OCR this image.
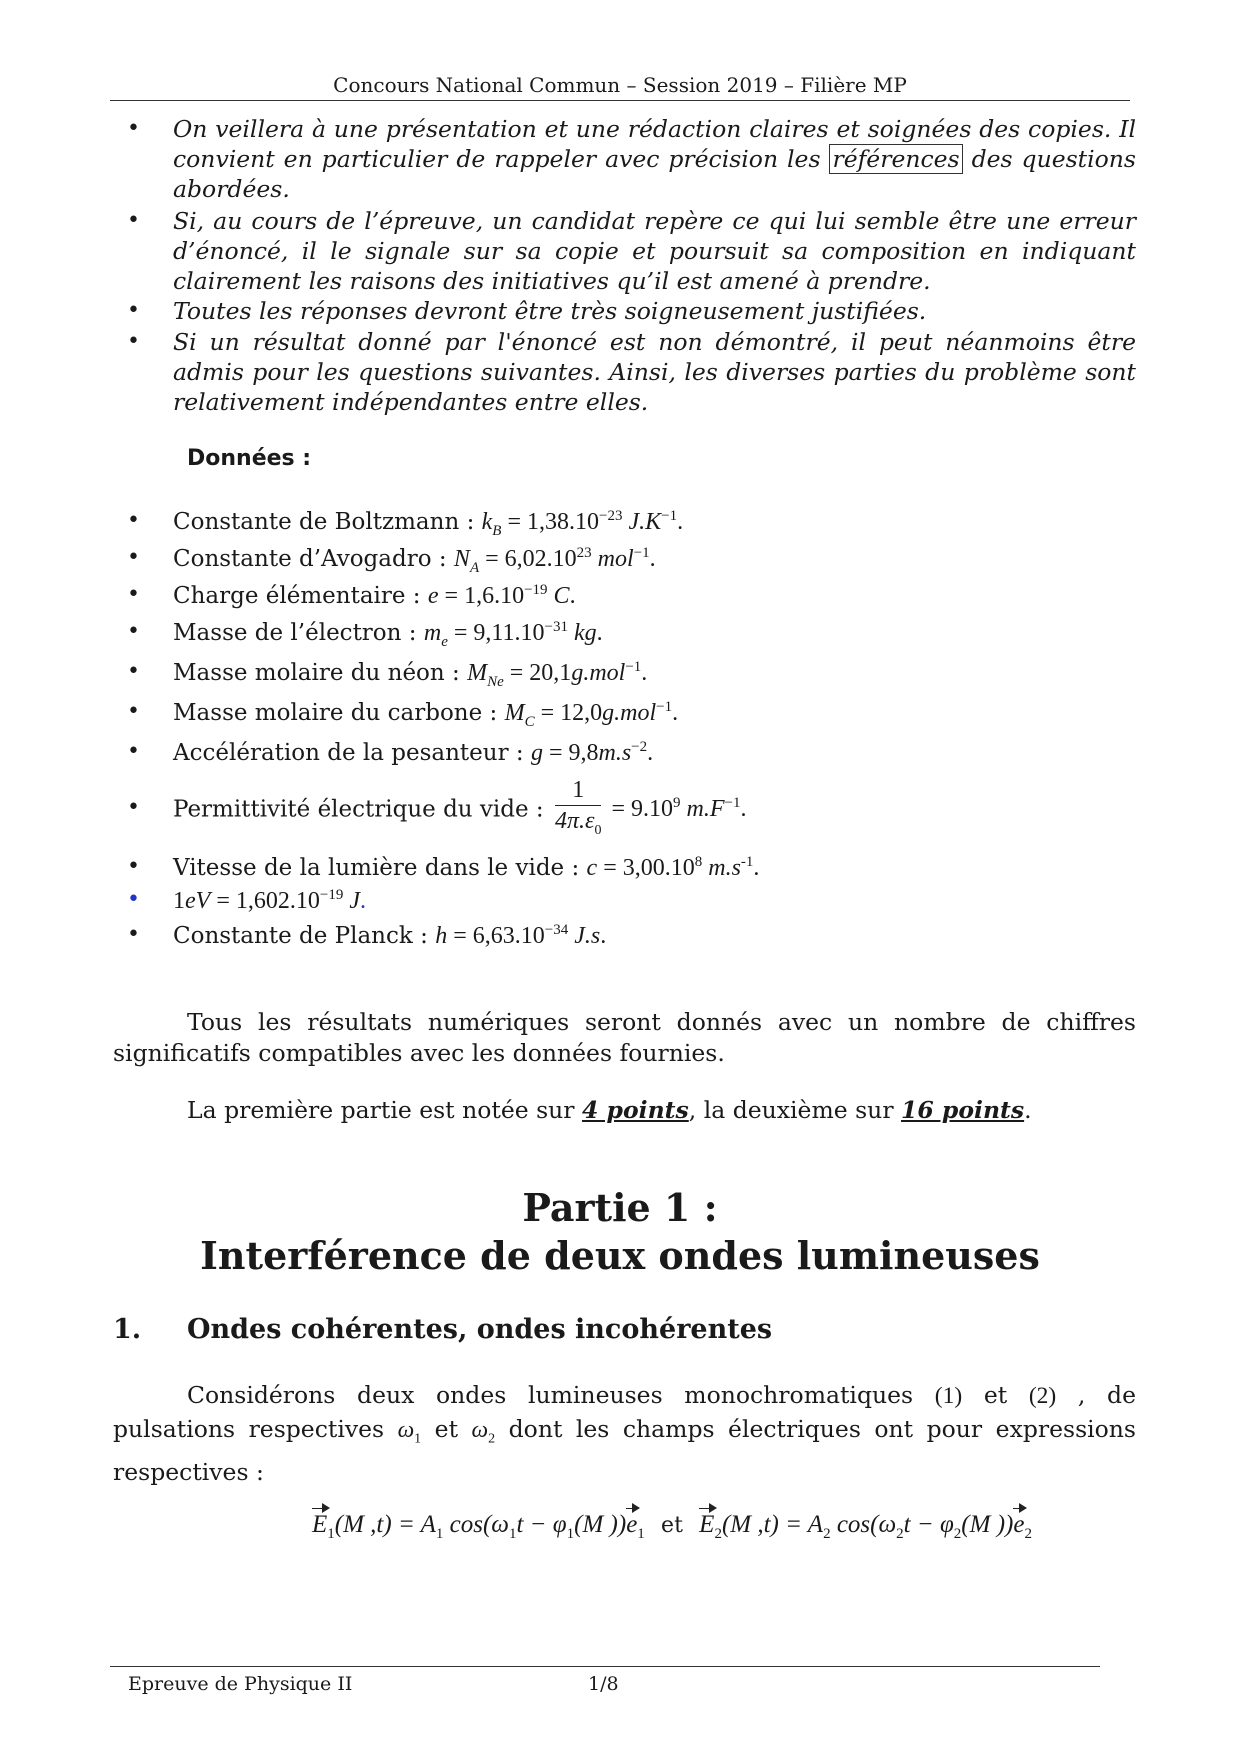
Concours National Commun – Session 2019 – Filière MP
• On veillera à une présentation et une rédaction claires et soignées des copies. Il convient en particulier de rappeler avec précision les références des questions abordées.
• Si, au cours de l’épreuve, un candidat repère ce qui lui semble être une erreur d’énoncé, il le signale sur sa copie et poursuit sa composition en indiquant clairement les raisons des initiatives qu’il est amené à prendre.
• Toutes les réponses devront être très soigneusement justifiées.
• Si un résultat donné par l'énoncé est non démontré, il peut néanmoins être admis pour les questions suivantes. Ainsi, les diverses parties du problème sont relativement indépendantes entre elles.
Données :
• Constante de Boltzmann : $k_B = 1,38.10^{-23}$ $J.K^{-1}$.
• Constante d’Avogadro : $N_A = 6,02.10^{23}$ mol$^{-1}$.
• Charge élémentaire : $e = 1,6.10^{-19}$ C.
• Masse de l’électron : $m_e = 9,11.10^{-31}$ kg.
• Masse molaire du néon : $M_{Ne} = 20,1g.mol^{-1}$.
• Masse molaire du carbone : $M_C = 12,0g.mol^{-1}$.
• Accélération de la pesanteur : $g = 9,8m.s^{-2}$.
• Permittivité électrique du vide : $\frac{1}{4\pi.\varepsilon_0} = 9.10^9$ $m.F^{-1}$.
• Vitesse de la lumière dans le vide : $c = 3,00.10^8$ $m.s^{-1}$.
• $1eV = 1,602.10^{-19}$ J.
• Constante de Planck : $h = 6,63.10^{-34}$ J.s.
Tous les résultats numériques seront donnés avec un nombre de chiffres significatifs compatibles avec les données fournies.
La première partie est notée sur 4 points, la deuxième sur 16 points.
Partie 1 :
Interférence de deux ondes lumineuses
1. Ondes cohérentes, ondes incohérentes
Considérons deux ondes lumineuses monochromatiques (1) et (2) , de pulsations respectives $\omega_1$ et $\omega_2$ dont les champs électriques ont pour expressions respectives :
$E_1(M$ $,t) = A_1$ $\cos(\omega_1t - \varphi_1(M$ ))$e_1$ et $E_2(M$ $,t) = A_2$ $\cos(\omega_2t - \varphi_2(M$ ))$e_2$
Epreuve de Physique II	1/8
